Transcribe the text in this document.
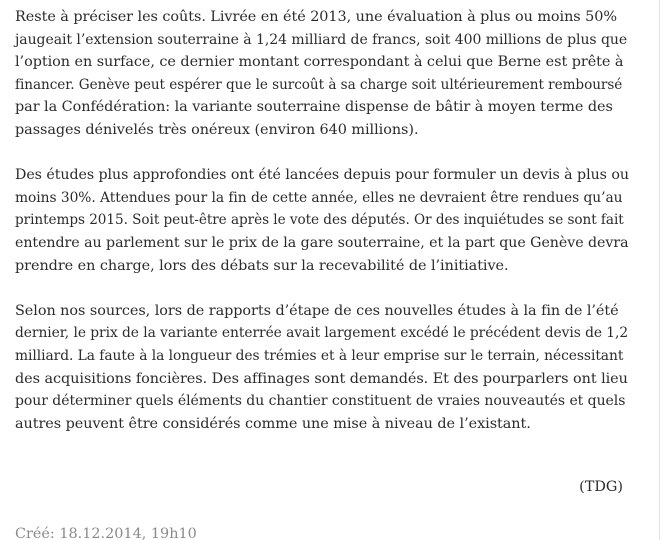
Reste à préciser les coûts. Livrée en été 2013, une évaluation à plus ou moins 50%
jaugeait l’extension souterraine à 1,24 milliard de francs, soit 400 millions de plus que
l’option en surface, ce dernier montant correspondant à celui que Berne est prête à
financer. Genève peut espérer que le surcoût à sa charge soit ultérieurement remboursé
par la Confédération: la variante souterraine dispense de bâtir à moyen terme des
passages dénivelés très onéreux (environ 640 millions).

Des études plus approfondies ont été lancées depuis pour formuler un devis à plus ou
moins 30%. Attendues pour la fin de cette année, elles ne devraient être rendues qu’au
printemps 2015. Soit peut-être après le vote des députés. Or des inquiétudes se sont fait
entendre au parlement sur le prix de la gare souterraine, et la part que Genève devra
prendre en charge, lors des débats sur la recevabilité de l’initiative.

Selon nos sources, lors de rapports d’étape de ces nouvelles études à la fin de l’été
dernier, le prix de la variante enterrée avait largement excédé le précédent devis de 1,2
milliard. La faute à la longueur des trémies et à leur emprise sur le terrain, nécessitant
des acquisitions foncières. Des affinages sont demandés. Et des pourparlers ont lieu
pour déterminer quels éléments du chantier constituent de vraies nouveautés et quels
autres peuvent être considérés comme une mise à niveau de l’existant.

(TDG)
Créé: 18.12.2014, 19h10
